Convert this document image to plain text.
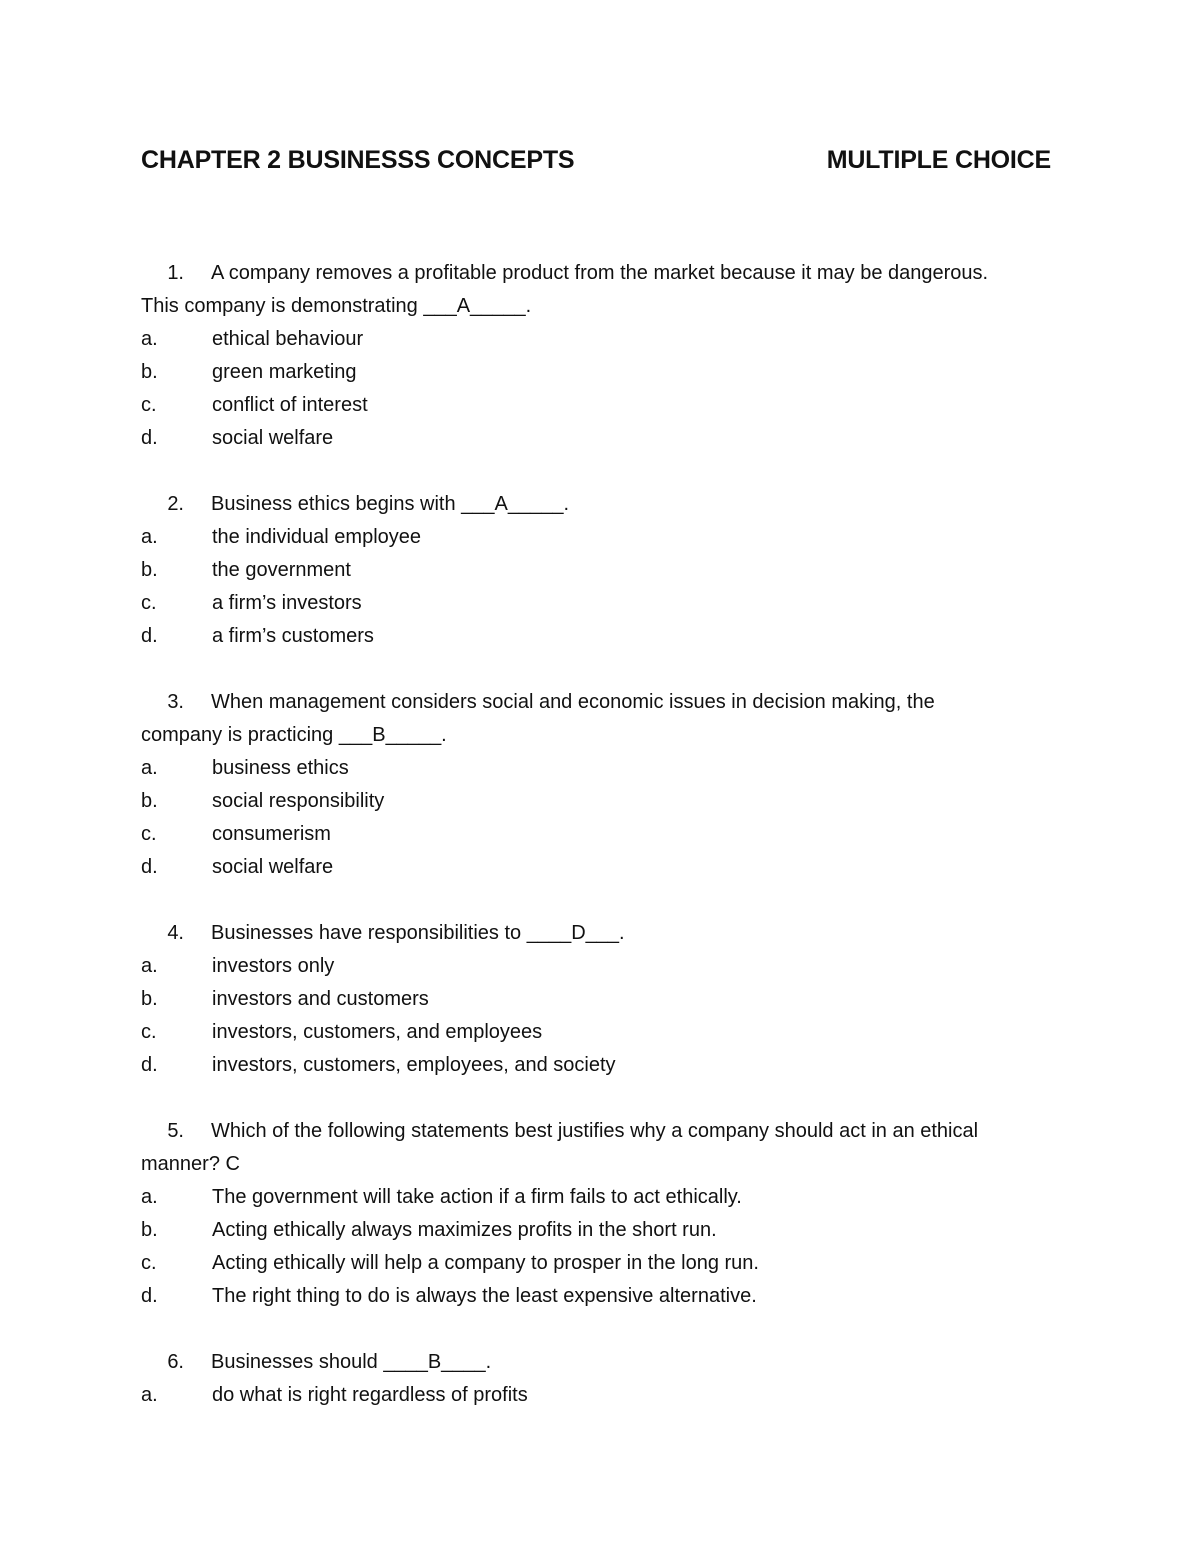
CHAPTER 2 BUSINESSS CONCEPTS	MULTIPLE CHOICE
1. A company removes a profitable product from the market because it may be dangerous.
This company is demonstrating ___A_____.
a.	ethical behaviour
b.	green marketing
c.	conflict of interest
d.	social welfare
2. Business ethics begins with ___A_____.
a.	the individual employee
b.	the government
c.	a firm’s investors
d.	a firm’s customers
3. When management considers social and economic issues in decision making, the
company is practicing ___B_____.
a.	business ethics
b.	social responsibility
c.	consumerism
d.	social welfare
4. Businesses have responsibilities to ____D___.
a.	investors only
b.	investors and customers
c.	investors, customers, and employees
d.	investors, customers, employees, and society
5. Which of the following statements best justifies why a company should act in an ethical
manner? C
a.	The government will take action if a firm fails to act ethically.
b.	Acting ethically always maximizes profits in the short run.
c.	Acting ethically will help a company to prosper in the long run.
d.	The right thing to do is always the least expensive alternative.
6. Businesses should ____B____.
a.	do what is right regardless of profits
